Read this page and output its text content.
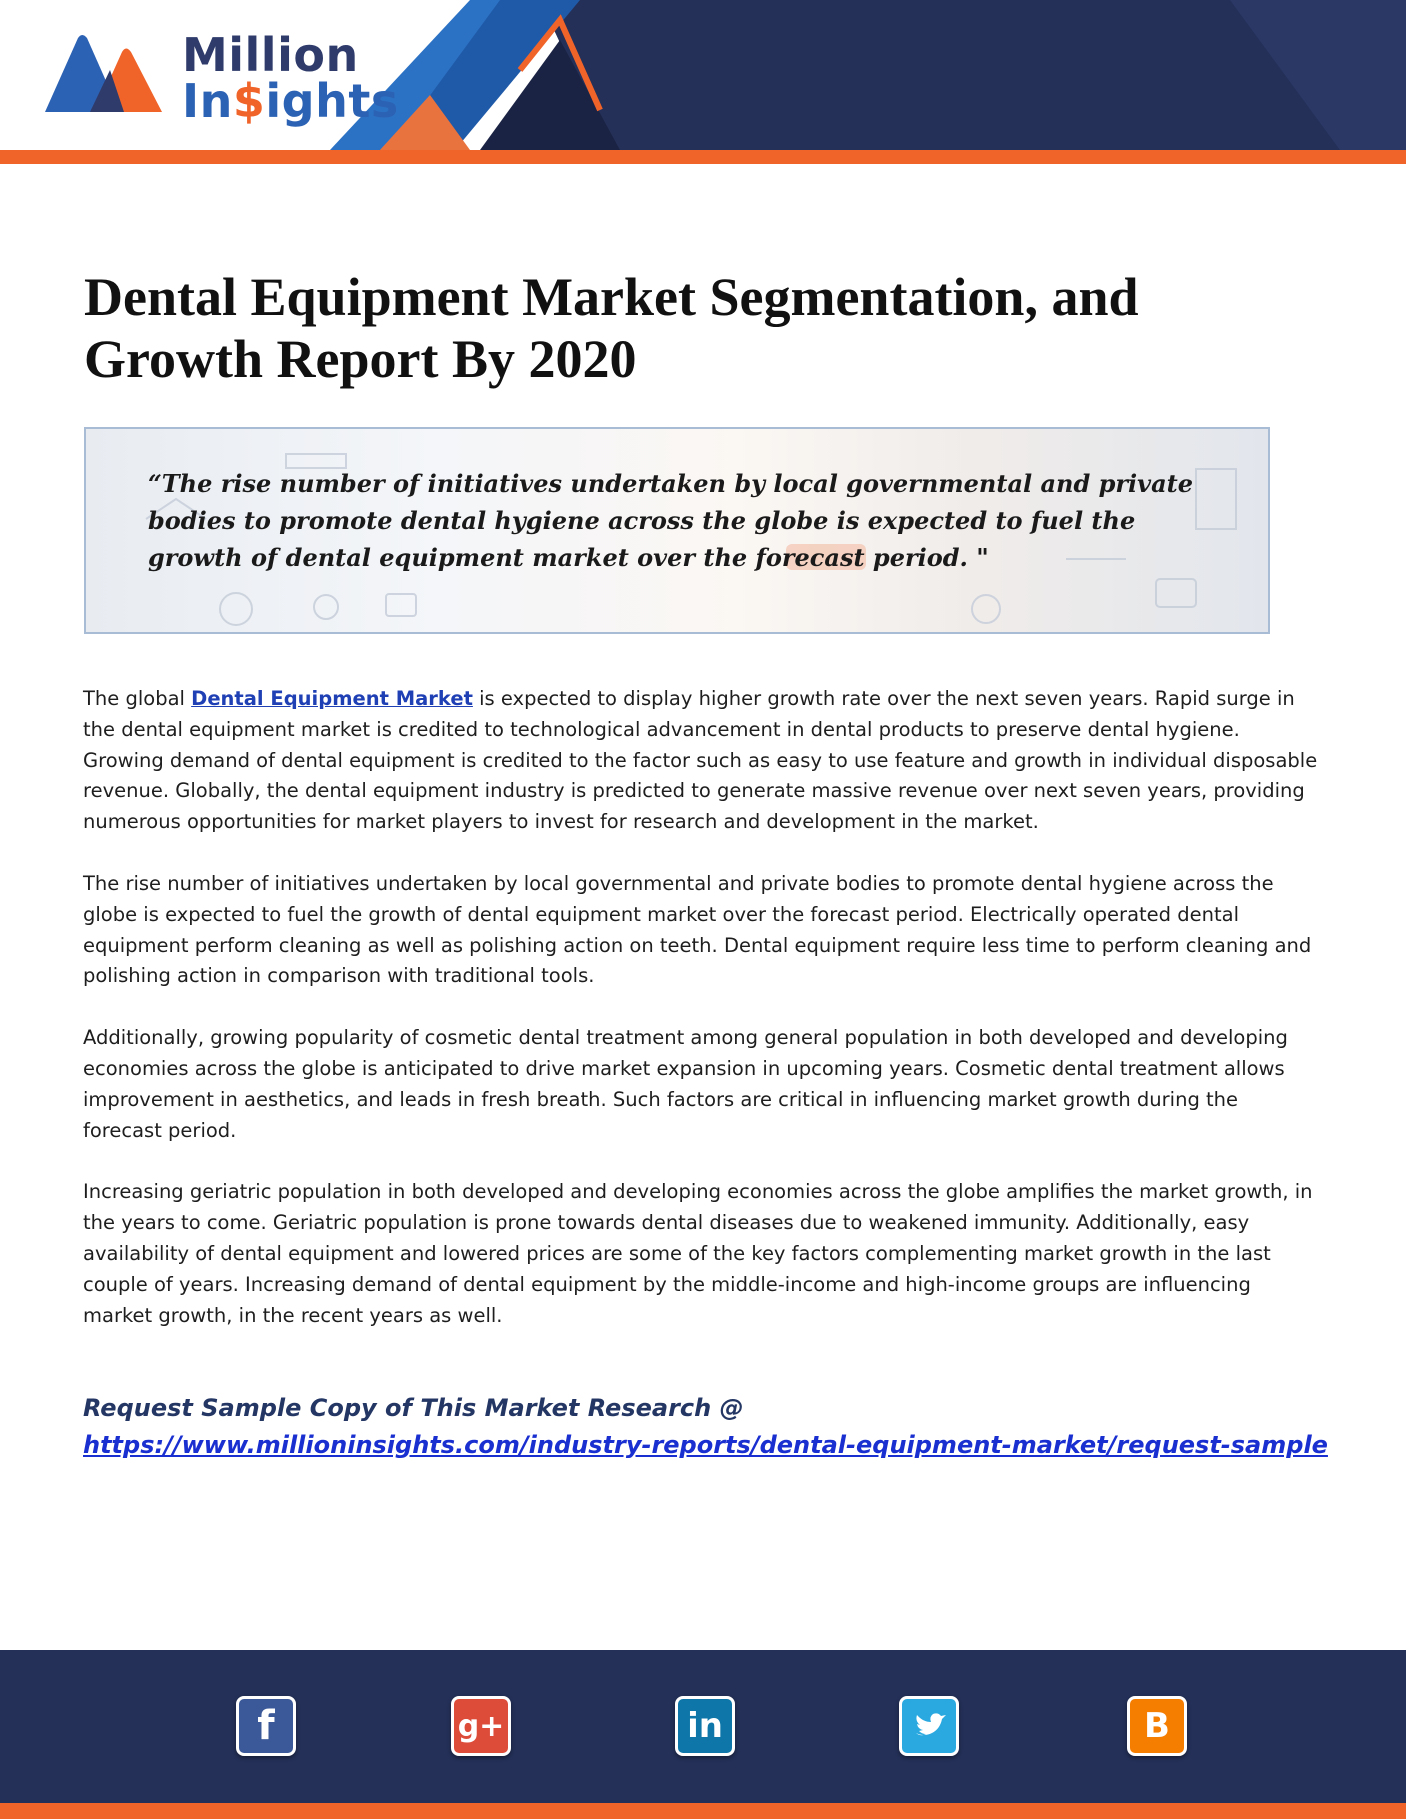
Million
In$ights
Dental Equipment Market Segmentation, and Growth Report By 2020

“The rise number of initiatives undertaken by local governmental and private bodies to promote dental hygiene across the globe is expected to fuel the growth of dental equipment market over the forecast period. "

The global Dental Equipment Market is expected to display higher growth rate over the next seven years. Rapid surge in the dental equipment market is credited to technological advancement in dental products to preserve dental hygiene. Growing demand of dental equipment is credited to the factor such as easy to use feature and growth in individual disposable revenue. Globally, the dental equipment industry is predicted to generate massive revenue over next seven years, providing numerous opportunities for market players to invest for research and development in the market.

The rise number of initiatives undertaken by local governmental and private bodies to promote dental hygiene across the globe is expected to fuel the growth of dental equipment market over the forecast period. Electrically operated dental equipment perform cleaning as well as polishing action on teeth. Dental equipment require less time to perform cleaning and polishing action in comparison with traditional tools.

Additionally, growing popularity of cosmetic dental treatment among general population in both developed and developing economies across the globe is anticipated to drive market expansion in upcoming years. Cosmetic dental treatment allows improvement in aesthetics, and leads in fresh breath. Such factors are critical in influencing market growth during the forecast period.

Increasing geriatric population in both developed and developing economies across the globe amplifies the market growth, in the years to come. Geriatric population is prone towards dental diseases due to weakened immunity. Additionally, easy availability of dental equipment and lowered prices are some of the key factors complementing market growth in the last couple of years. Increasing demand of dental equipment by the middle-income and high-income groups are influencing market growth, in the recent years as well.

Request Sample Copy of This Market Research @
https://www.millioninsights.com/industry-reports/dental-equipment-market/request-sample
f	g+	in	B
